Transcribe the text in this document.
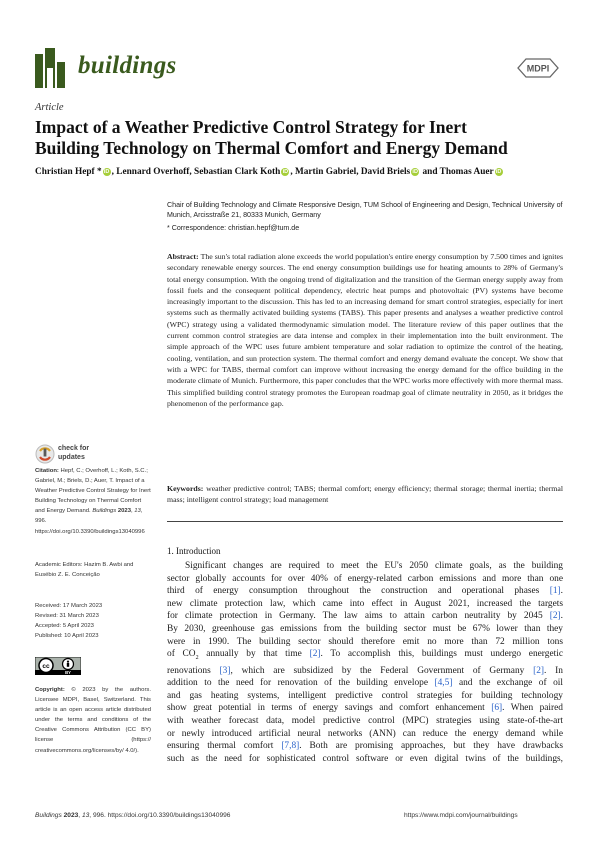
buildings	MDPI
Article
Impact of a Weather Predictive Control Strategy for Inert
Building Technology on Thermal Comfort and Energy Demand
Christian Hepf * iD , Lennard Overhoff, Sebastian Clark Koth iD , Martin Gabriel, David Briels iD and Thomas Auer iD
Chair of Building Technology and Climate Responsive Design, TUM School of Engineering and Design, Technical University of Munich, Arcisstraße 21, 80333 Munich, Germany
* Correspondence: christian.hepf@tum.de
Abstract: The sun's total radiation alone exceeds the world population's entire energy consumption by 7.500 times and ignites secondary renewable energy sources. The end energy consumption buildings use for heating amounts to 28% of Germany's total energy consumption. With the ongoing trend of digitalization and the transition of the German energy supply away from fossil fuels and the consequent political dependency, electric heat pumps and photovoltaic (PV) systems have become increasingly important to the discussion. This has led to an increasing demand for smart control strategies, especially for inert systems such as thermally activated building systems (TABS). This paper presents and analyses a weather predictive control (WPC) strategy using a validated thermodynamic simulation model. The literature review of this paper outlines that the current common control strategies are data intense and complex in their implementation into the built environment. The simple approach of the WPC uses future ambient temperature and solar radiation to optimize the control of the heating, cooling, ventilation, and sun protection system. The thermal comfort and energy demand evaluate the concept. We show that with a WPC for TABS, thermal comfort can improve without increasing the energy demand for the office building in the moderate climate of Munich. Furthermore, this paper concludes that the WPC works more effectively with more thermal mass. This simplified building control strategy promotes the European roadmap goal of climate neutrality in 2050, as it bridges the phenomenon of the performance gap.
Keywords: weather predictive control; TABS; thermal comfort; energy efficiency; thermal storage; thermal inertia; thermal mass; intelligent control strategy; load management
check for
updates
Citation: Hepf, C.; Overhoff, L.; Koth, S.C.; Gabriel, M.; Briels, D.; Auer, T. Impact of a Weather Predictive Control Strategy for Inert Building Technology on Thermal Comfort and Energy Demand. Buildings 2023, 13, 996. https://doi.org/10.3390/buildings13040996
Academic Editors: Hazim B. Awbi and Eusébio Z. E. Conceição
Received: 17 March 2023
Revised: 31 March 2023
Accepted: 5 April 2023
Published: 10 April 2023
cc
BY
Copyright: © 2023 by the authors. Licensee MDPI, Basel, Switzerland. This article is an open access article distributed under the terms and conditions of the Creative Commons Attribution (CC BY) license (https:// creativecommons.org/licenses/by/ 4.0/).
1. Introduction
Significant changes are required to meet the EU's 2050 climate goals, as the building
sector globally accounts for over 40% of energy-related carbon emissions and more than one
third of energy consumption throughout the construction and operational phases [1].
new climate protection law, which came into effect in August 2021, increased the targets
for climate protection in Germany. The law aims to attain carbon neutrality by 2045 [2].
By 2030, greenhouse gas emissions from the building sector must be 67% lower than they
were in 1990. The building sector should therefore emit no more than 72 million tons
of $CO_2$ annually by that time [2]. To accomplish this, buildings must undergo energetic
renovations [3], which are subsidized by the Federal Government of Germany [2]. In
addition to the need for renovation of the building envelope [4,5] and the exchange of oil
and gas heating systems, intelligent predictive control strategies for building technology
show great potential in terms of energy savings and comfort enhancement [6]. When paired
with weather forecast data, model predictive control (MPC) strategies using state-of-the-art
or newly introduced artificial neural networks (ANN) can reduce the energy demand while
ensuring thermal comfort [7,8]. Both are promising approaches, but they have drawbacks
such as the need for sophisticated control software or even digital twins of the buildings,
Buildings 2023, 13, 996. https://doi.org/10.3390/buildings13040996	https://www.mdpi.com/journal/buildings
